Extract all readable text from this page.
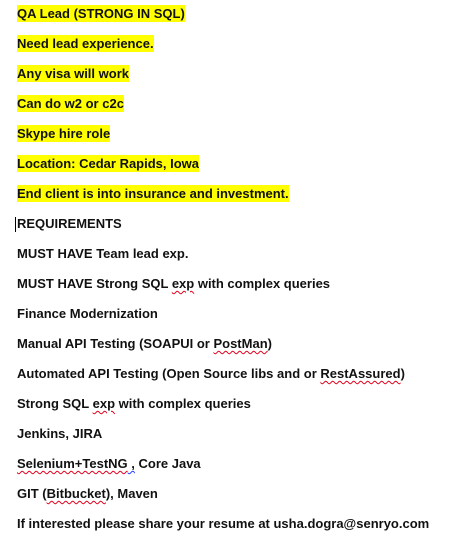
QA Lead (STRONG IN SQL)
Need lead experience.
Any visa will work
Can do w2 or c2c
Skype hire role
Location: Cedar Rapids, Iowa
End client is into insurance and investment.
REQUIREMENTS
MUST HAVE Team lead exp.
MUST HAVE Strong SQL exp with complex queries
Finance Modernization
Manual API Testing (SOAPUI or PostMan)
Automated API Testing (Open Source libs and or RestAssured)
Strong SQL exp with complex queries
Jenkins, JIRA
Selenium+TestNG , Core Java
GIT (Bitbucket), Maven
If interested please share your resume at usha.dogra@senryo.com
